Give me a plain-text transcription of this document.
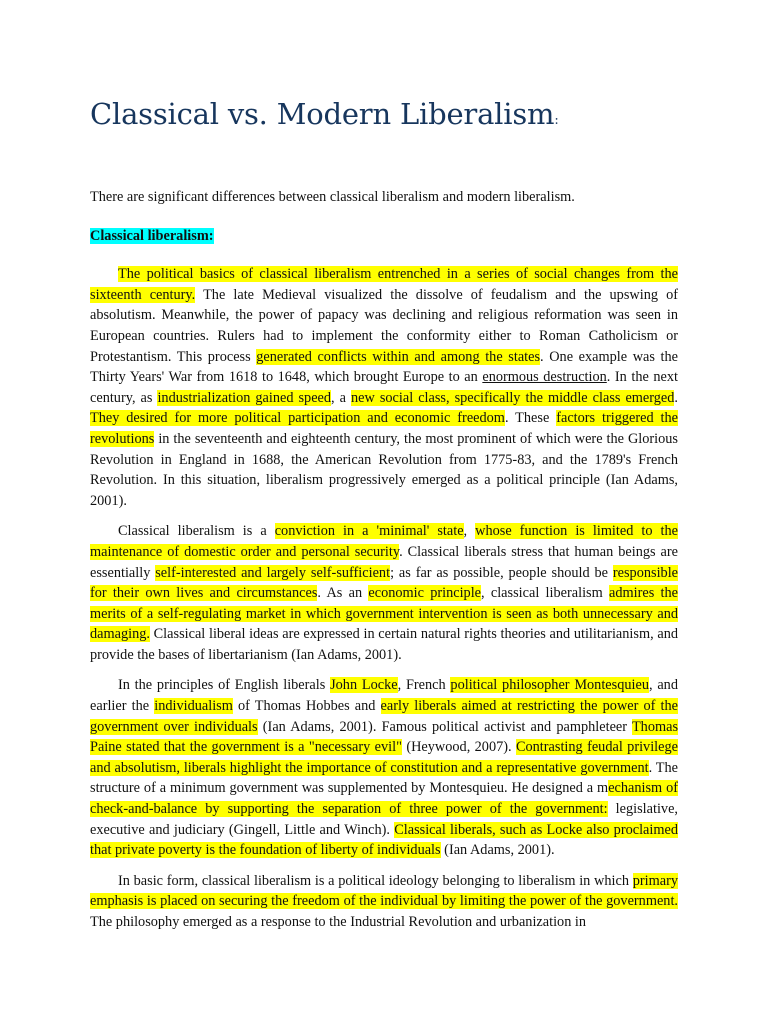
Classical vs. Modern Liberalism:

There are significant differences between classical liberalism and modern liberalism.

Classical liberalism:

The political basics of classical liberalism entrenched in a series of social changes from the sixteenth century. The late Medieval visualized the dissolve of feudalism and the upswing of absolutism. Meanwhile, the power of papacy was declining and religious reformation was seen in European countries. Rulers had to implement the conformity either to Roman Catholicism or Protestantism. This process generated conflicts within and among the states. One example was the Thirty Years' War from 1618 to 1648, which brought Europe to an enormous destruction. In the next century, as industrialization gained speed, a new social class, specifically the middle class emerged. They desired for more political participation and economic freedom. These factors triggered the revolutions in the seventeenth and eighteenth century, the most prominent of which were the Glorious Revolution in England in 1688, the American Revolution from 1775-83, and the 1789's French Revolution. In this situation, liberalism progressively emerged as a political principle (Ian Adams, 2001).

Classical liberalism is a conviction in a 'minimal' state, whose function is limited to the maintenance of domestic order and personal security. Classical liberals stress that human beings are essentially self-interested and largely self-sufficient; as far as possible, people should be responsible for their own lives and circumstances. As an economic principle, classical liberalism admires the merits of a self-regulating market in which government intervention is seen as both unnecessary and damaging. Classical liberal ideas are expressed in certain natural rights theories and utilitarianism, and provide the bases of libertarianism (Ian Adams, 2001).

In the principles of English liberals John Locke, French political philosopher Montesquieu, and earlier the individualism of Thomas Hobbes and early liberals aimed at restricting the power of the government over individuals (Ian Adams, 2001). Famous political activist and pamphleteer Thomas Paine stated that the government is a "necessary evil" (Heywood, 2007). Contrasting feudal privilege and absolutism, liberals highlight the importance of constitution and a representative government. The structure of a minimum government was supplemented by Montesquieu. He designed a mechanism of check-and-balance by supporting the separation of three power of the government: legislative, executive and judiciary (Gingell, Little and Winch). Classical liberals, such as Locke also proclaimed that private poverty is the foundation of liberty of individuals (Ian Adams, 2001).

In basic form, classical liberalism is a political ideology belonging to liberalism in which primary emphasis is placed on securing the freedom of the individual by limiting the power of the government. The philosophy emerged as a response to the Industrial Revolution and urbanization in
